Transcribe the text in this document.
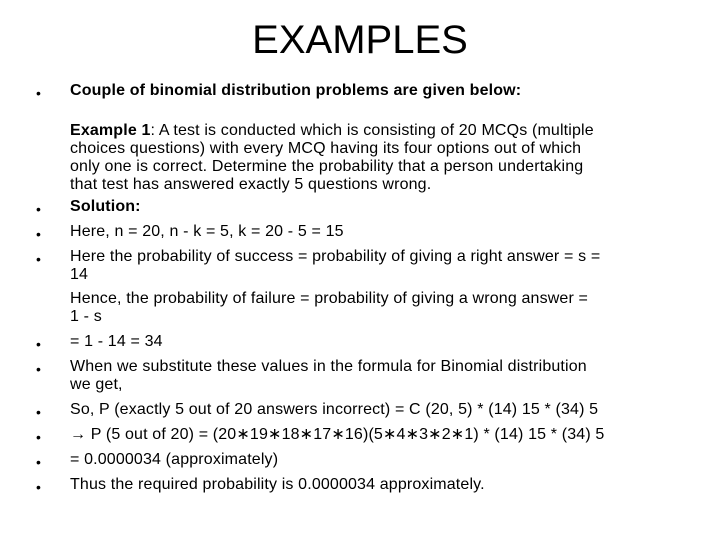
EXAMPLES
• Couple of binomial distribution problems are given below:
Example 1: A test is conducted which is consisting of 20 MCQs (multiple
choices questions) with every MCQ having its four options out of which
only one is correct. Determine the probability that a person undertaking
that test has answered exactly 5 questions wrong.
• Solution:
• Here, n = 20, n - k = 5, k = 20 - 5 = 15
• Here the probability of success = probability of giving a right answer = s =
14
Hence, the probability of failure = probability of giving a wrong answer =
1 - s
• = 1 - 14 = 34
• When we substitute these values in the formula for Binomial distribution
we get,
• So, P (exactly 5 out of 20 answers incorrect) = C (20, 5) * (14) 15 * (34) 5
• → P (5 out of 20) = (20∗19∗18∗17∗16)(5∗4∗3∗2∗1) * (14) 15 * (34) 5
• = 0.0000034 (approximately)
• Thus the required probability is 0.0000034 approximately.
